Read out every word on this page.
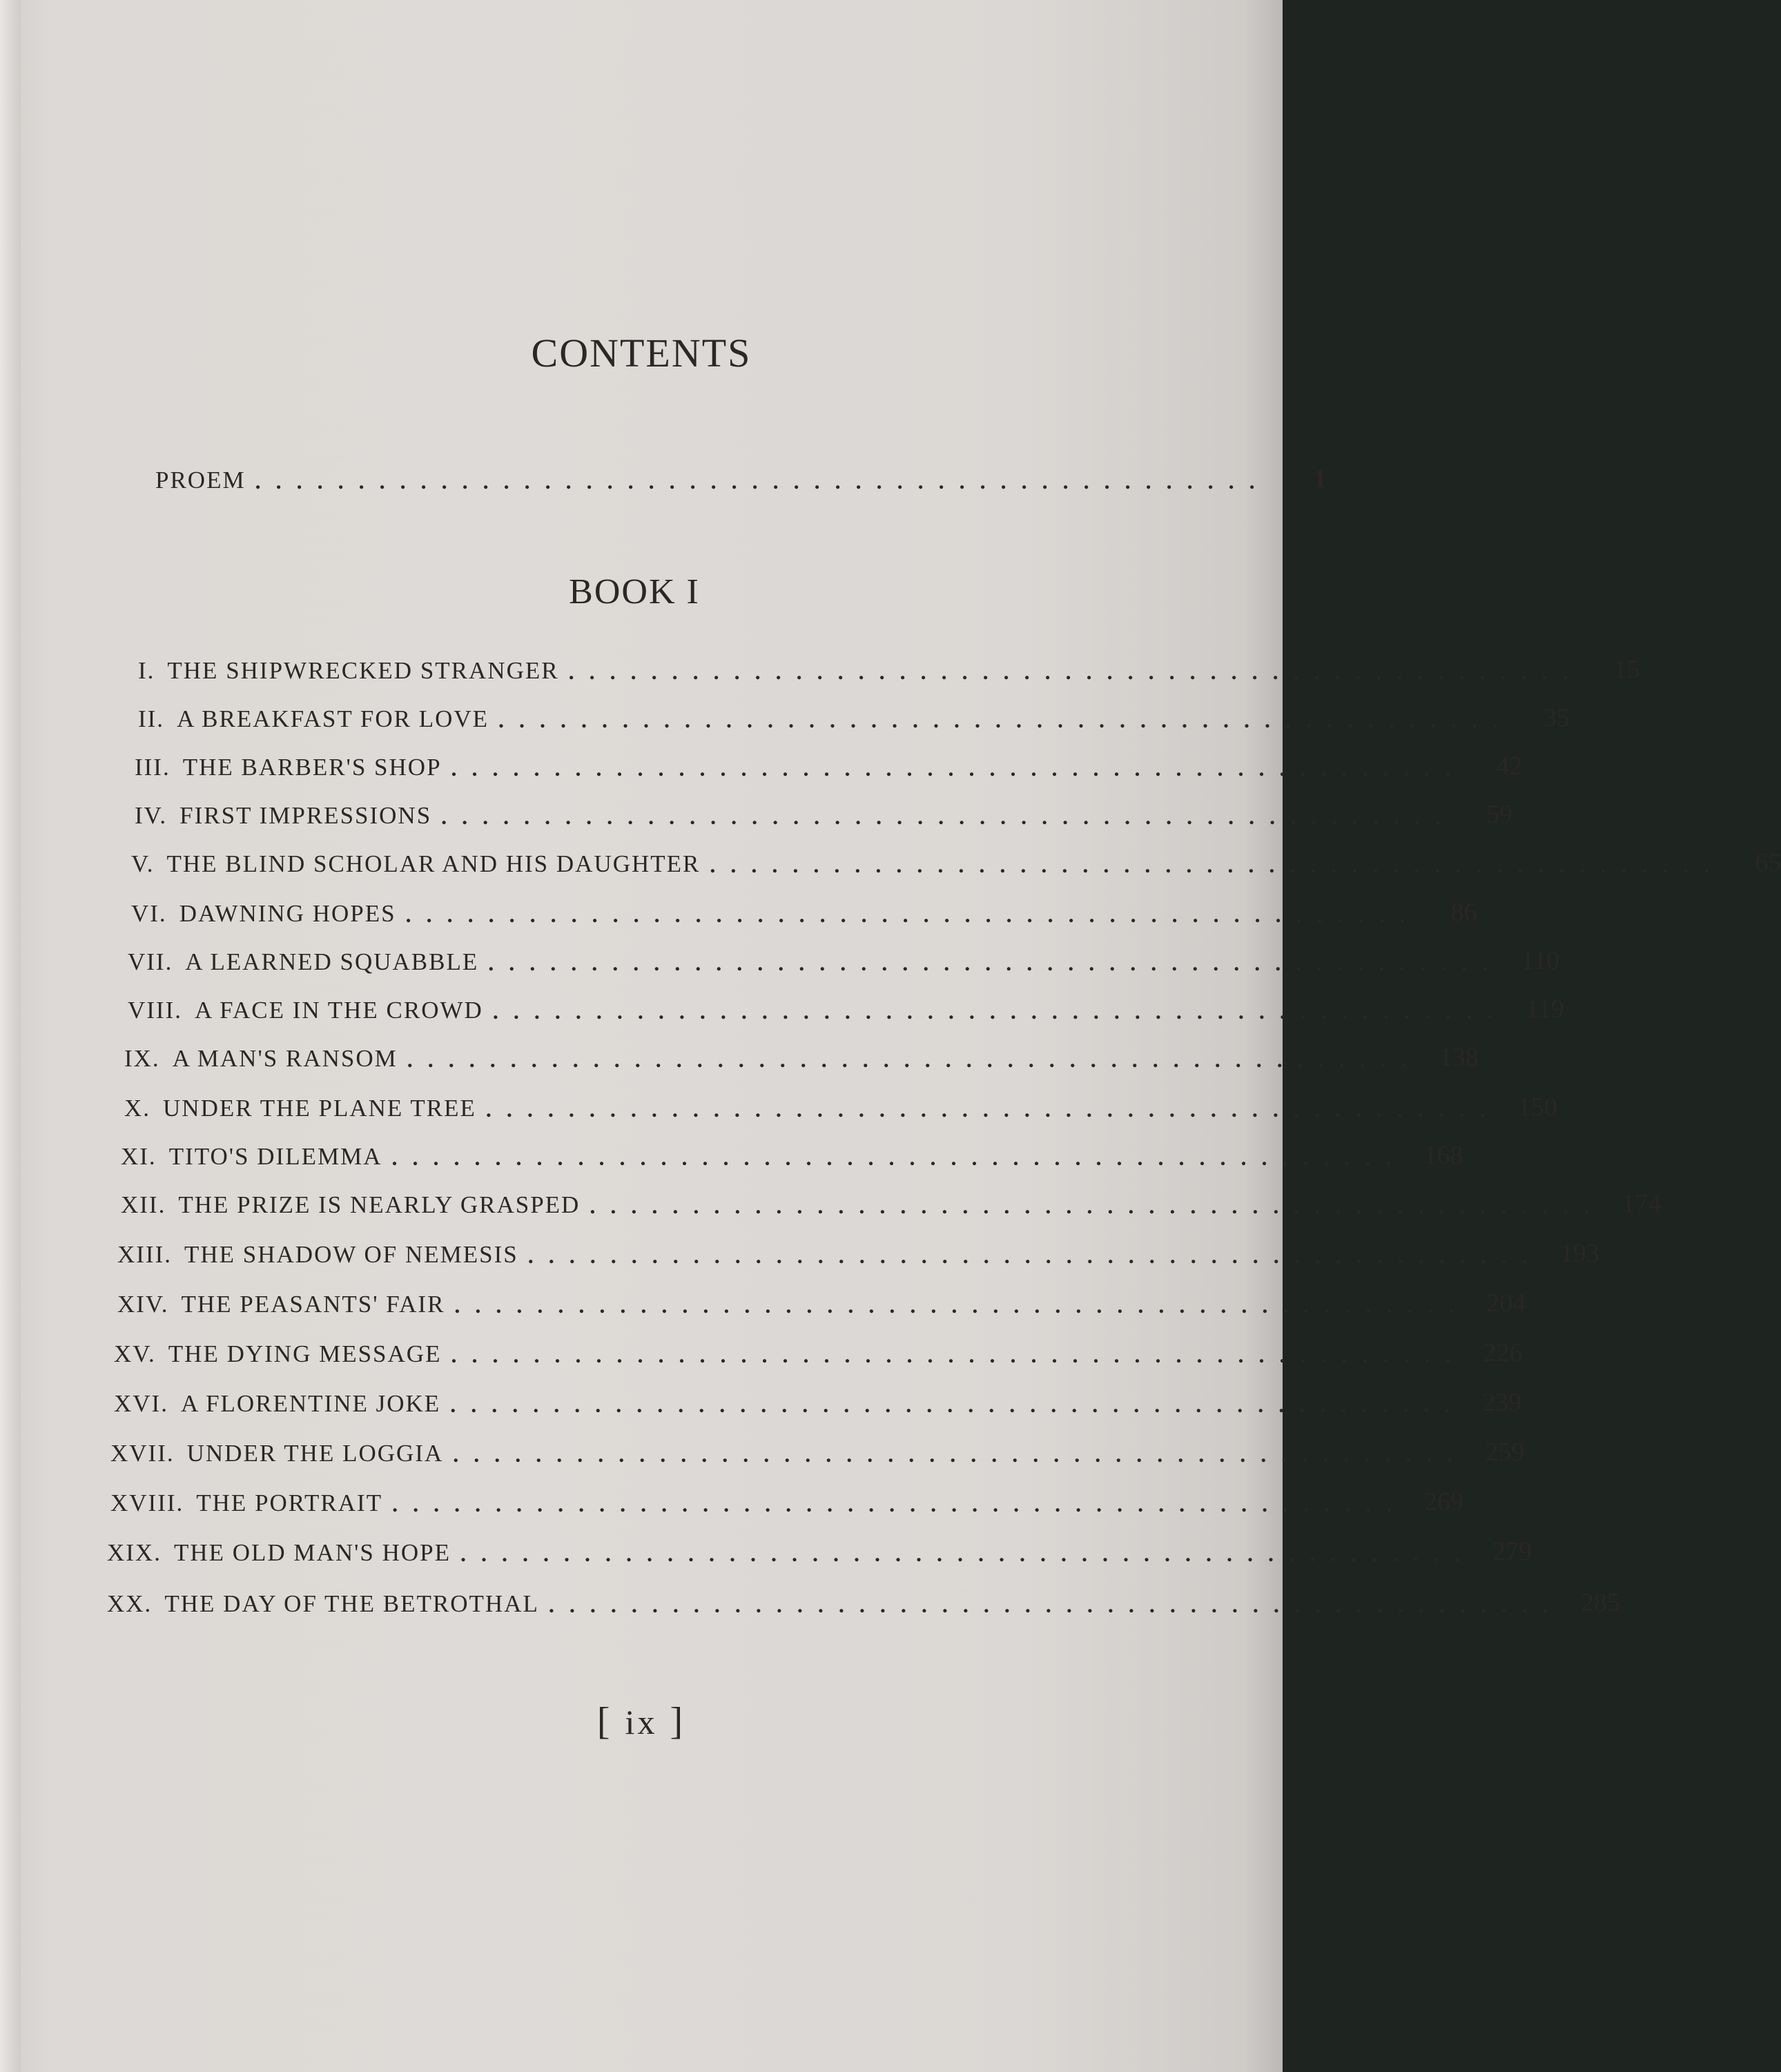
CONTENTS
PROEM .................................................	1
BOOK I
I. THE SHIPWRECKED STRANGER .................................................	15
II. A BREAKFAST FOR LOVE .................................................	35
III. THE BARBER'S SHOP .................................................	42
IV. FIRST IMPRESSIONS .................................................	59
V. THE BLIND SCHOLAR AND HIS DAUGHTER .................................................	65
VI. DAWNING HOPES .................................................	86
VII. A LEARNED SQUABBLE ................................................. 110
VIII. A FACE IN THE CROWD ................................................. 119
IX. A MAN'S RANSOM ................................................. 138
X. UNDER THE PLANE TREE ................................................. 150
XI. TITO'S DILEMMA ................................................. 168
XII. THE PRIZE IS NEARLY GRASPED ................................................. 174
XIII. THE SHADOW OF NEMESIS ................................................. 193
XIV. THE PEASANTS' FAIR ................................................. 204
XV. THE DYING MESSAGE ................................................. 226
XVI. A FLORENTINE JOKE ................................................. 239
XVII. UNDER THE LOGGIA ................................................. 259
XVIII. THE PORTRAIT ................................................. 269
XIX. THE OLD MAN'S HOPE ................................................. 279
XX. THE DAY OF THE BETROTHAL ................................................. 285
[ ix ]
